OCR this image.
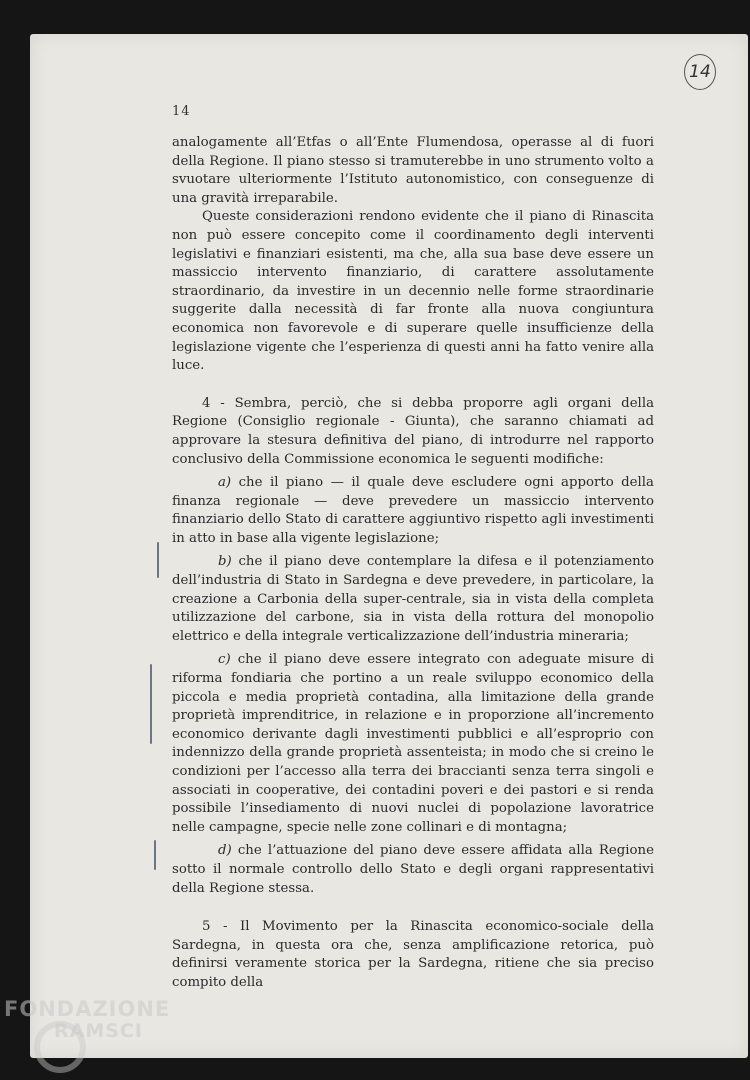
14
14

analogamente all’Etfas o all’Ente Flumendosa, operasse al di fuori della Regione. Il piano stesso si tramuterebbe in uno strumento volto a svuotare ulteriormente l’Istituto autonomistico, con conseguenze di una gravità irreparabile.

Queste considerazioni rendono evidente che il piano di Rinascita non può essere concepito come il coordinamento degli interventi legislativi e finanziari esistenti, ma che, alla sua base deve essere un massiccio intervento finanziario, di carattere assolutamente straordinario, da investire in un decennio nelle forme straordinarie suggerite dalla necessità di far fronte alla nuova congiuntura economica non favorevole e di superare quelle insufficienze della legislazione vigente che l’esperienza di questi anni ha fatto venire alla luce.

4 - Sembra, perciò, che si debba proporre agli organi della Regione (Consiglio regionale - Giunta), che saranno chiamati ad approvare la stesura definitiva del piano, di introdurre nel rapporto conclusivo della Commissione economica le seguenti modifiche:

a) che il piano — il quale deve escludere ogni apporto della finanza regionale — deve prevedere un massiccio intervento finanziario dello Stato di carattere aggiuntivo rispetto agli investimenti in atto in base alla vigente legislazione;

b) che il piano deve contemplare la difesa e il potenziamento dell’industria di Stato in Sardegna e deve prevedere, in particolare, la creazione a Carbonia della super-centrale, sia in vista della completa utilizzazione del carbone, sia in vista della rottura del monopolio elettrico e della integrale verticalizzazione dell’industria mineraria;

c) che il piano deve essere integrato con adeguate misure di riforma fondiaria che portino a un reale sviluppo economico della piccola e media proprietà contadina, alla limitazione della grande proprietà imprenditrice, in relazione e in proporzione all’incremento economico derivante dagli investimenti pubblici e all’esproprio con indennizzo della grande proprietà assenteista; in modo che si creino le condizioni per l’accesso alla terra dei braccianti senza terra singoli e associati in cooperative, dei contadini poveri e dei pastori e si renda possibile l’insediamento di nuovi nuclei di popolazione lavoratrice nelle campagne, specie nelle zone collinari e di montagna;

d) che l’attuazione del piano deve essere affidata alla Regione sotto il normale controllo dello Stato e degli organi rappresentativi della Regione stessa.

5 - Il Movimento per la Rinascita economico-sociale della Sardegna, in questa ora che, senza amplificazione retorica, può definirsi veramente storica per la Sardegna, ritiene che sia preciso compito della

FONDAZIONE
RAMSCI
